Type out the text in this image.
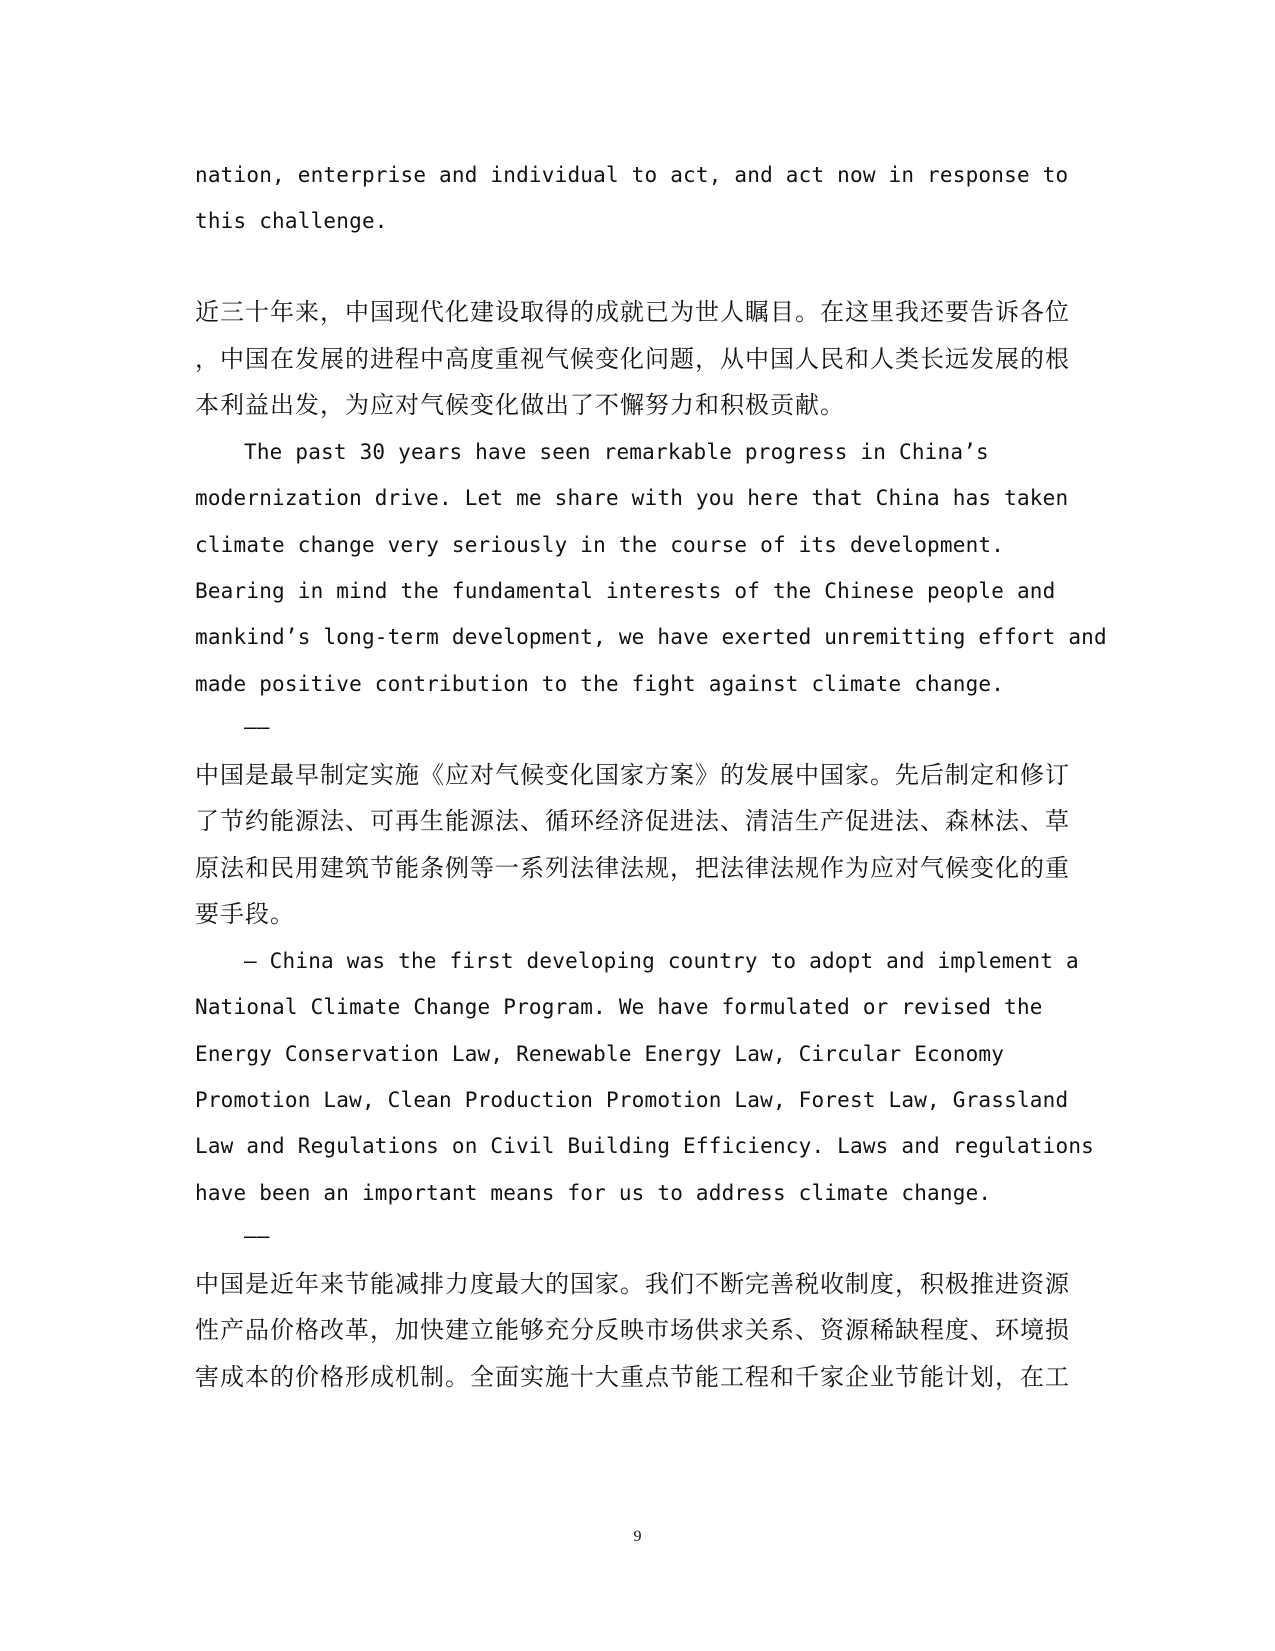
nation, enterprise and individual to act, and act now in response to
this challenge.
近三十年来，中国现代化建设取得的成就已为世人瞩目。在这里我还要告诉各位
，中国在发展的进程中高度重视气候变化问题，从中国人民和人类长远发展的根
本利益出发，为应对气候变化做出了不懈努力和积极贡献。
The past 30 years have seen remarkable progress in China’s
modernization drive. Let me share with you here that China has taken
climate change very seriously in the course of its development.
Bearing in mind the fundamental interests of the Chinese people and
mankind’s long-term development, we have exerted unremitting effort and
made positive contribution to the fight against climate change.
——
中国是最早制定实施《应对气候变化国家方案》的发展中国家。先后制定和修订
了节约能源法、可再生能源法、循环经济促进法、清洁生产促进法、森林法、草
原法和民用建筑节能条例等一系列法律法规，把法律法规作为应对气候变化的重
要手段。
— China was the first developing country to adopt and implement a
National Climate Change Program. We have formulated or revised the
Energy Conservation Law, Renewable Energy Law, Circular Economy
Promotion Law, Clean Production Promotion Law, Forest Law, Grassland
Law and Regulations on Civil Building Efficiency. Laws and regulations
have been an important means for us to address climate change.
——
中国是近年来节能减排力度最大的国家。我们不断完善税收制度，积极推进资源
性产品价格改革，加快建立能够充分反映市场供求关系、资源稀缺程度、环境损
害成本的价格形成机制。全面实施十大重点节能工程和千家企业节能计划，在工
9
